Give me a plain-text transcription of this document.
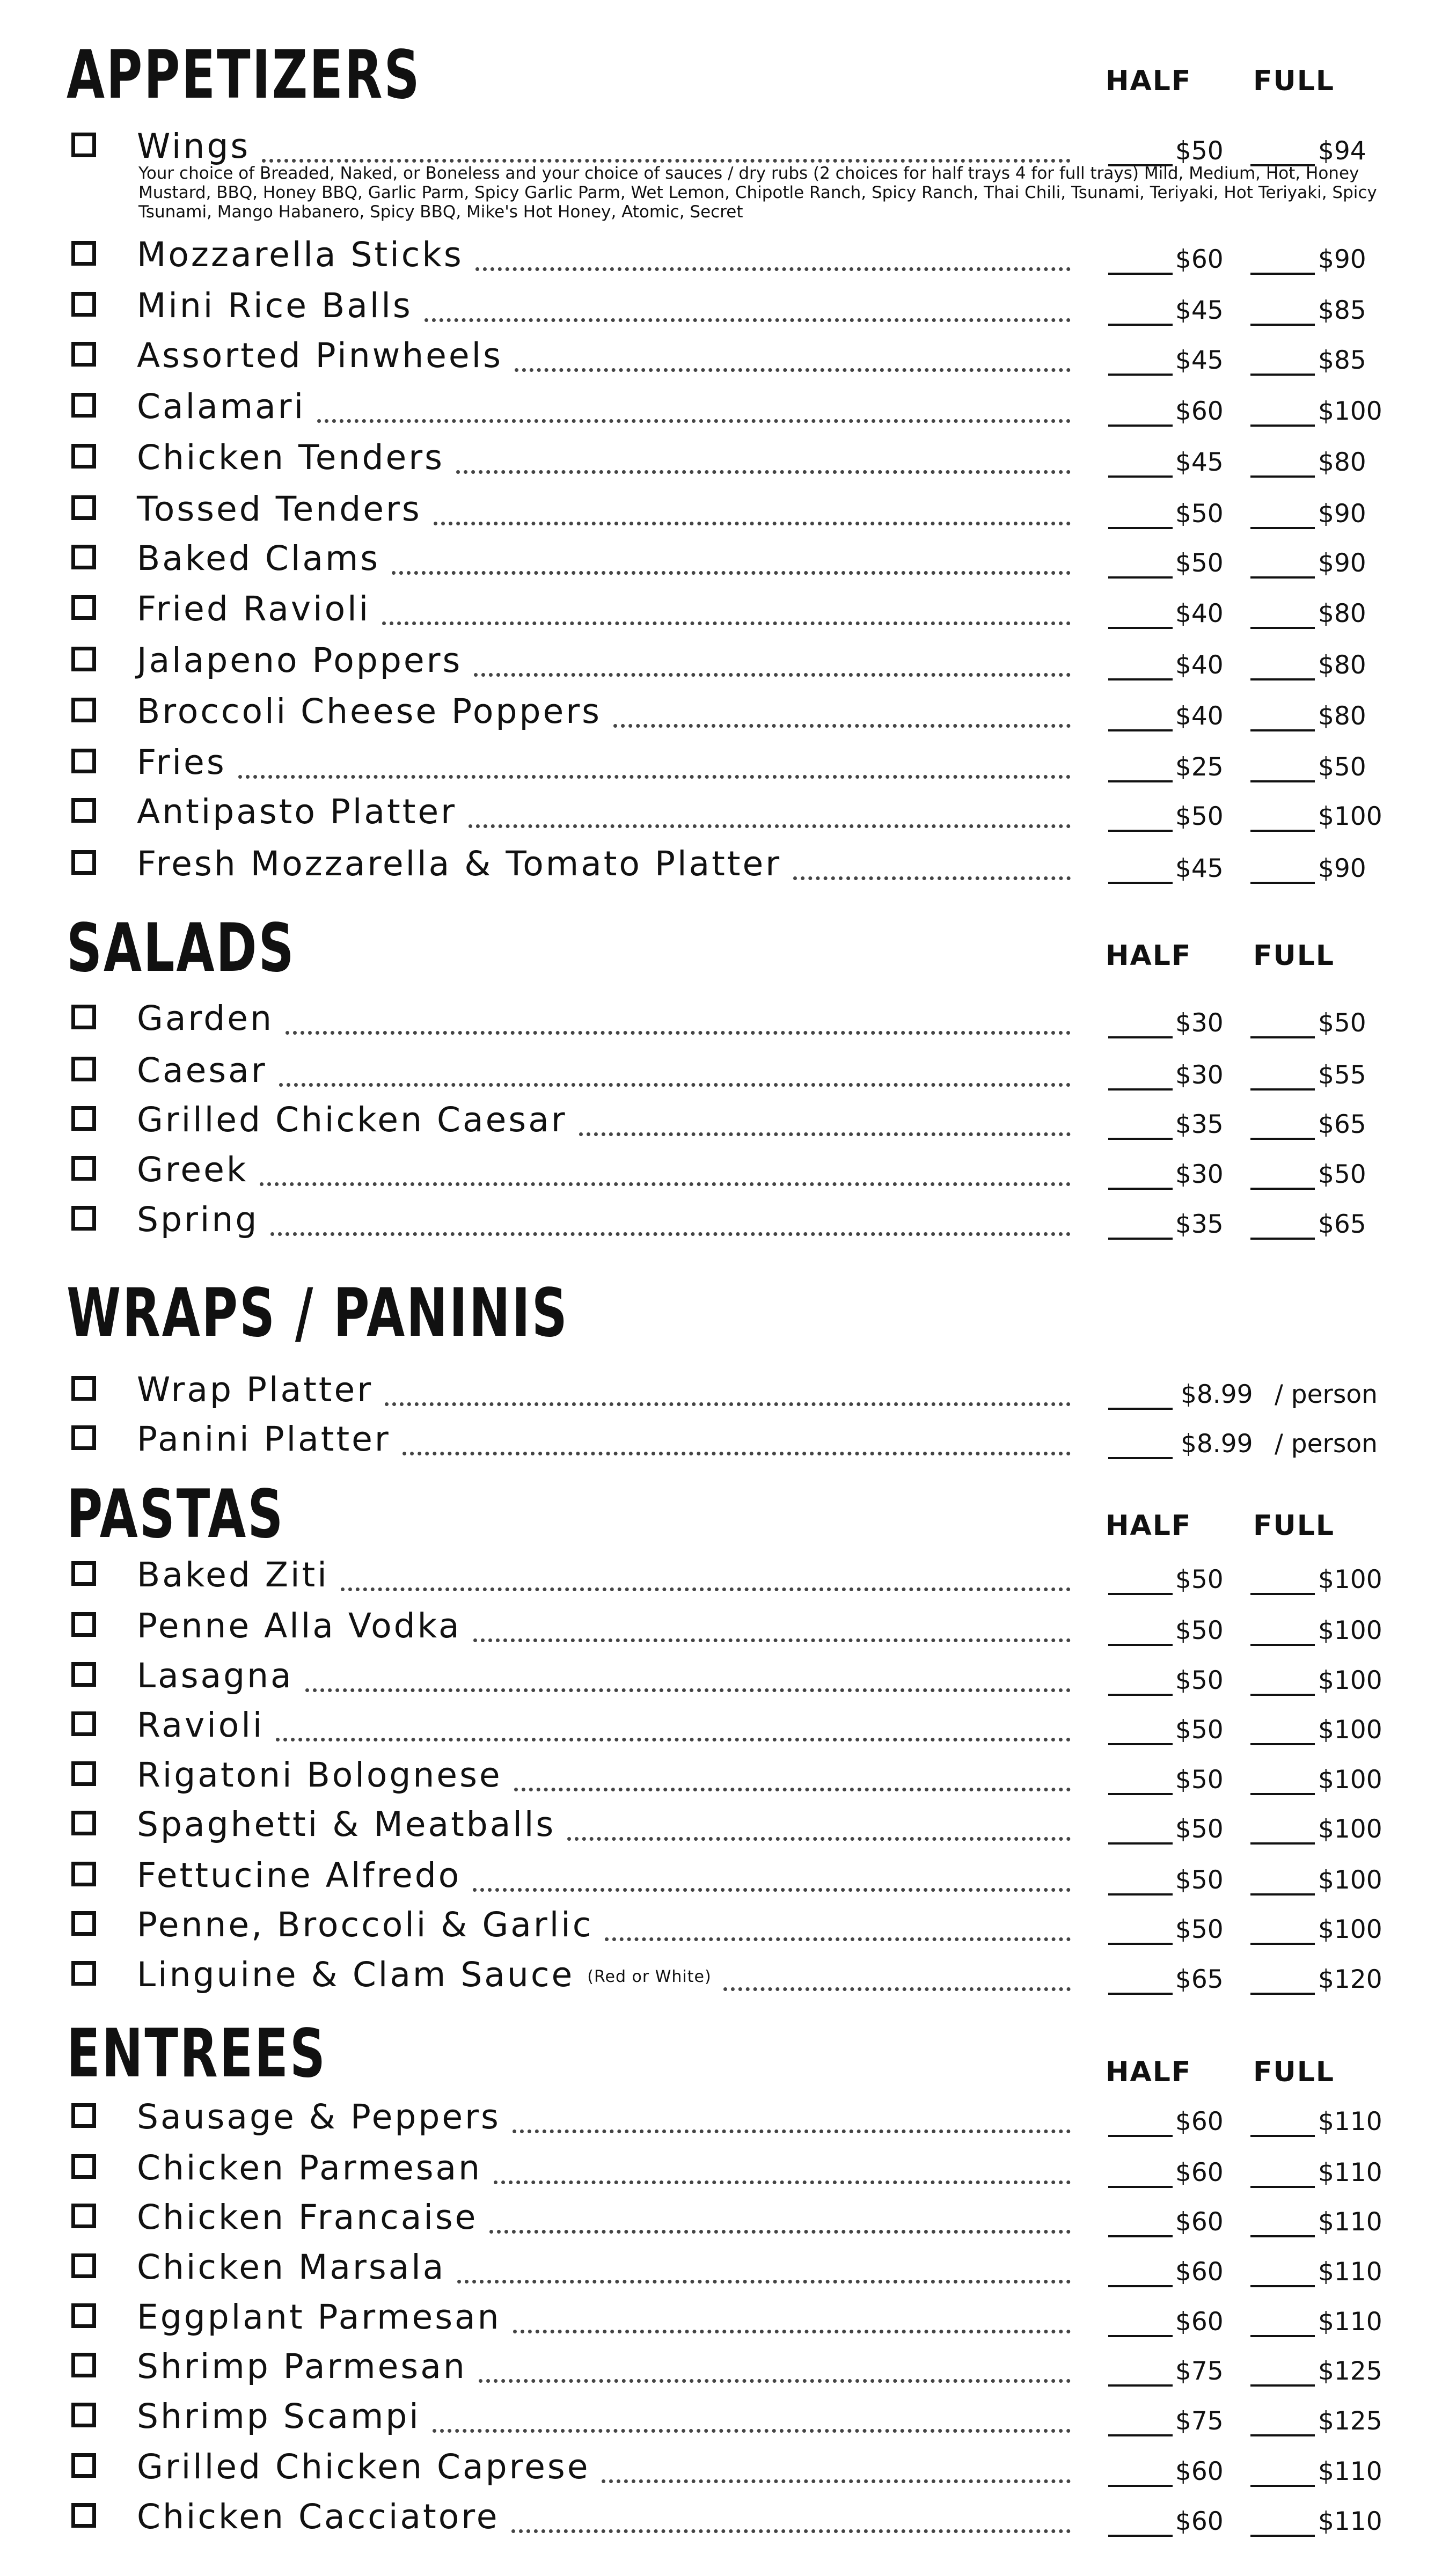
APPETIZERS	HALF FULL
Wings	$50	$94
Your choice of Breaded, Naked, or Boneless and your choice of sauces / dry rubs (2 choices for half trays 4 for full trays) Mild, Medium, Hot, Honey Mustard, BBQ, Honey BBQ, Garlic Parm, Spicy Garlic Parm, Wet Lemon, Chipotle Ranch, Spicy Ranch, Thai Chili, Tsunami, Teriyaki, Hot Teriyaki, Spicy Tsunami, Mango Habanero, Spicy BBQ, Mike's Hot Honey, Atomic, Secret
Mozzarella Sticks	$60	$90
Mini Rice Balls	$45	$85
Assorted Pinwheels	$45	$85
Calamari	$60	$100
Chicken Tenders	$45	$80
Tossed Tenders	$50	$90
Baked Clams	$50	$90
Fried Ravioli	$40	$80
Jalapeno Poppers	$40	$80
Broccoli Cheese Poppers	$40	$80
Fries	$25	$50
Antipasto Platter	$50	$100
Fresh Mozzarella & Tomato Platter	$45	$90
SALADS	HALF FULL
Garden	$30	$50
Caesar	$30	$55
Grilled Chicken Caesar	$35	$65
Greek	$30	$50
Spring	$35	$65
WRAPS / PANINIS
Wrap Platter	$8.99 / person
Panini Platter	$8.99 / person
PASTAS	HALF FULL
Baked Ziti	$50	$100
Penne Alla Vodka	$50	$100
Lasagna	$50	$100
Ravioli	$50	$100
Rigatoni Bolognese	$50	$100
Spaghetti & Meatballs	$50	$100
Fettucine Alfredo	$50	$100
Penne, Broccoli & Garlic	$50	$100
Linguine & Clam Sauce (Red or White)	$65	$120
ENTREES	HALF FULL
Sausage & Peppers	$60	$110
Chicken Parmesan	$60	$110
Chicken Francaise	$60	$110
Chicken Marsala	$60	$110
Eggplant Parmesan	$60	$110
Shrimp Parmesan	$75	$125
Shrimp Scampi	$75	$125
Grilled Chicken Caprese	$60	$110
Chicken Cacciatore	$60	$110
